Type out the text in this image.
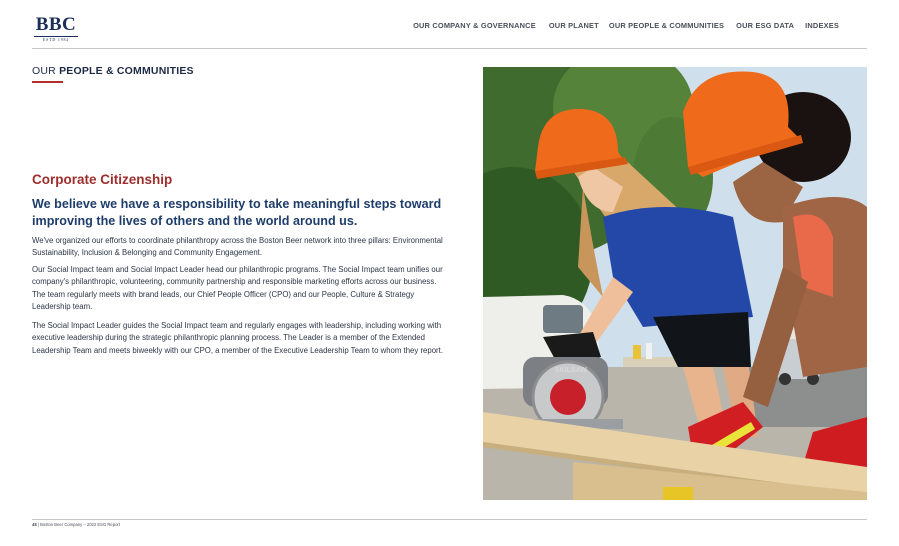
BBC
ESTD 1984
OUR COMPANY & GOVERNANCE OUR PLANET OUR PEOPLE & COMMUNITIES OUR ESG DATA INDEXES
OUR PEOPLE & COMMUNITIES
Corporate Citizenship
We believe we have a responsibility to take meaningful steps toward improving the lives of others and the world around us.

We've organized our efforts to coordinate philanthropy across the Boston Beer network into three pillars: Environmental Sustainability, Inclusion & Belonging and Community Engagement.

Our Social Impact team and Social Impact Leader head our philanthropic programs. The Social Impact team unifies our company's philanthropic, volunteering, community partnership and responsible marketing efforts across our business. The team regularly meets with brand leads, our Chief People Officer (CPO) and our People, Culture & Strategy Leadership team.

The Social Impact Leader guides the Social Impact team and regularly engages with leadership, including working with executive leadership during the strategic philanthropic planning process. The Leader is a member of the Extended Leadership Team and meets biweekly with our CPO, a member of the Executive Leadership Team to whom they report.

SKILSAW
48 | Boston Beer Company – 2022 ESG Report
